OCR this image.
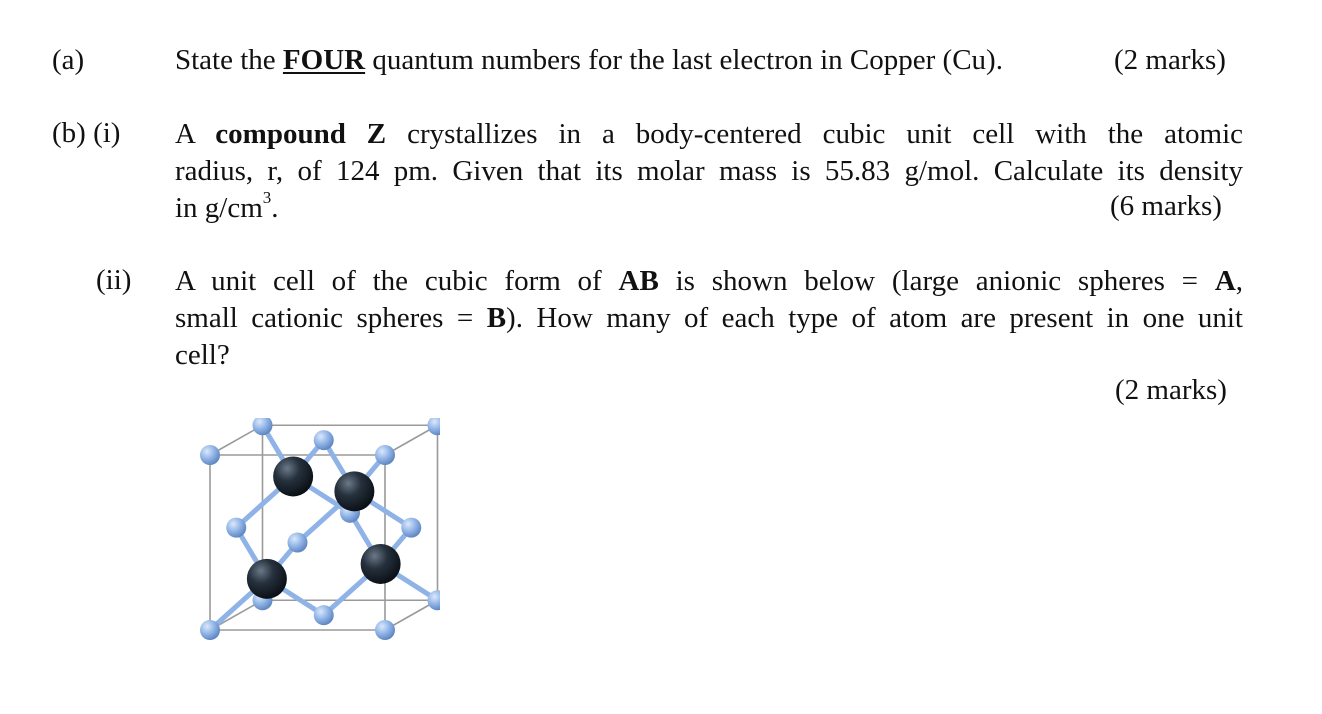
(a)	State the FOUR quantum numbers for the last electron in Copper (Cu).	(2 marks)
(b) (i) A compound Z crystallizes in a body-centered cubic unit cell with the atomic
radius, r, of 124 pm. Given that its molar mass is 55.83 g/mol. Calculate its density
in $g/cm^3$.	(6 marks)
(ii) A unit cell of the cubic form of AB is shown below (large anionic spheres = A,
small cationic spheres = B). How many of each type of atom are present in one unit
cell?
(2 marks)
